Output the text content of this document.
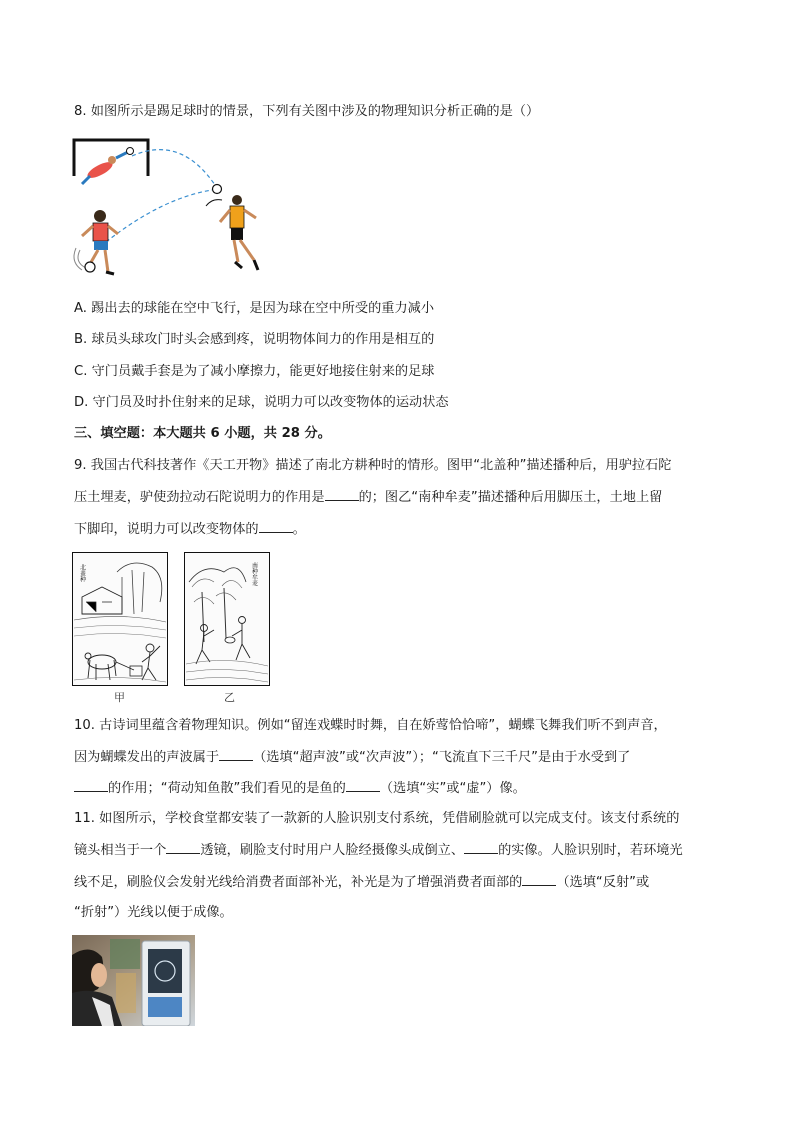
8. 如图所示是踢足球时的情景，下列有关图中涉及的物理知识分析正确的是（）
A. 踢出去的球能在空中飞行，是因为球在空中所受的重力减小
B. 球员头球攻门时头会感到疼，说明物体间力的作用是相互的
C. 守门员戴手套是为了减小摩擦力，能更好地接住射来的足球
D. 守门员及时扑住射来的足球，说明力可以改变物体的运动状态
三、填空题：本大题共 6 小题，共 28 分。
9. 我国古代科技著作《天工开物》描述了南北方耕种时的情形。图甲“北盖种”描述播种后，用驴拉石陀
压土埋麦，驴使劲拉动石陀说明力的作用是	的；图乙“南种牟麦”描述播种后用脚压土，土地上留
下脚印，说明力可以改变物体的	。
北盖种
甲
南种牟麦
乙
10. 古诗词里蕴含着物理知识。例如“留连戏蝶时时舞，自在娇莺恰恰啼”，蝴蝶飞舞我们听不到声音，
因为蝴蝶发出的声波属于	（选填“超声波”或“次声波”）；“飞流直下三千尺”是由于水受到了
的作用；“荷动知鱼散”我们看见的是鱼的	（选填“实”或“虚”）像。
11. 如图所示，学校食堂都安装了一款新的人脸识别支付系统，凭借刷脸就可以完成支付。该支付系统的
镜头相当于一个	透镜，刷脸支付时用户人脸经摄像头成倒立、	的实像。人脸识别时，若环境光
线不足，刷脸仪会发射光线给消费者面部补光，补光是为了增强消费者面部的	（选填“反射”或
“折射”）光线以便于成像。
